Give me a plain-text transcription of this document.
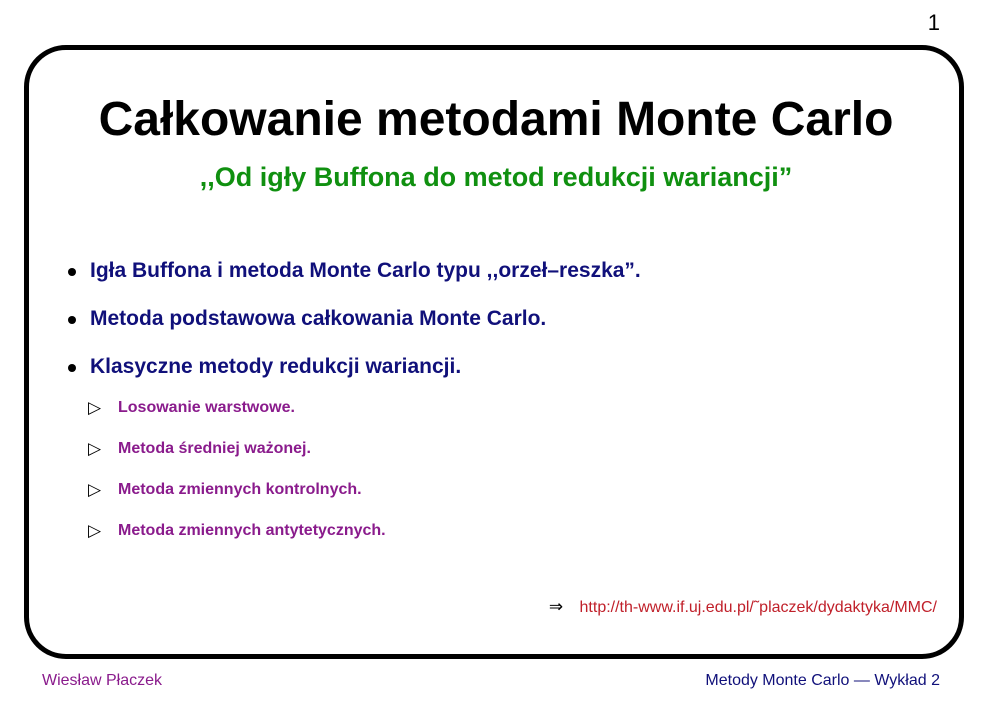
1
Całkowanie metodami Monte Carlo
,,Od igły Buffona do metod redukcji wariancji”
Igła Buffona i metoda Monte Carlo typu ,,orzeł–reszka”.
Metoda podstawowa całkowania Monte Carlo.
Klasyczne metody redukcji wariancji.
▷ Losowanie warstwowe.
▷ Metoda średniej ważonej.
▷ Metoda zmiennych kontrolnych.
▷ Metoda zmiennych antytetycznych.
⇒ http://th-www.if.uj.edu.pl/˜placzek/dydaktyka/MMC/
Wiesław Płaczek	Metody Monte Carlo — Wykład 2
